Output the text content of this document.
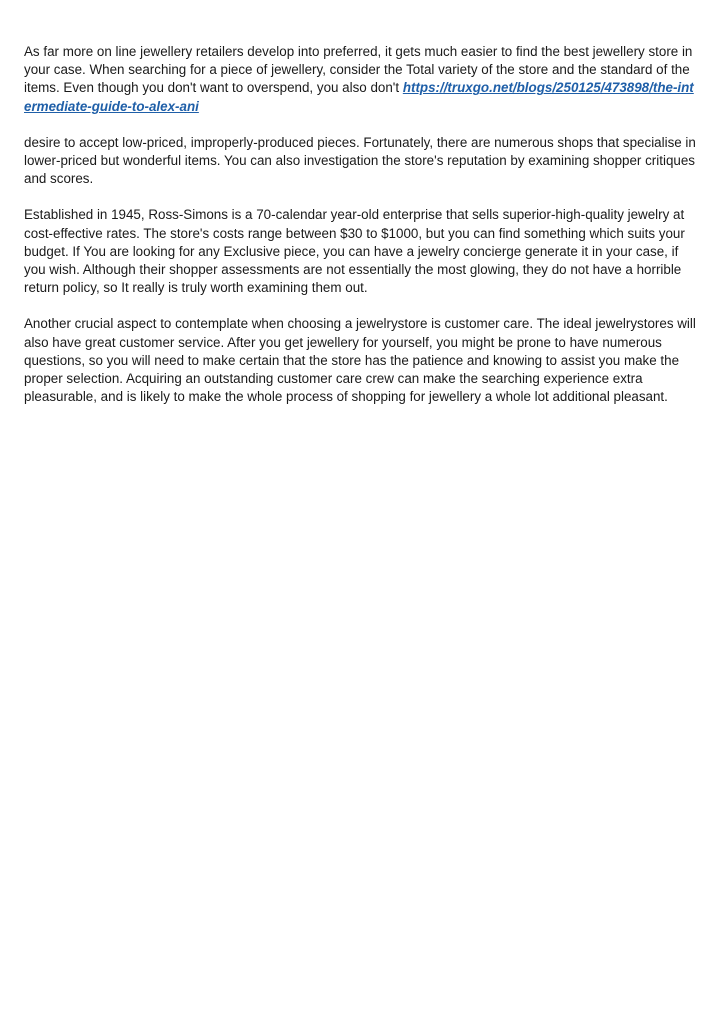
As far more on line jewellery retailers develop into preferred, it gets much easier to find the best jewellery store in your case. When searching for a piece of jewellery, consider the Total variety of the store and the standard of the items. Even though you don't want to overspend, you also don't https://truxgo.net/blogs/250125/473898/the-intermediate-guide-to-alex-ani

desire to accept low-priced, improperly-produced pieces. Fortunately, there are numerous shops that specialise in lower-priced but wonderful items. You can also investigation the store's reputation by examining shopper critiques and scores.

Established in 1945, Ross-Simons is a 70-calendar year-old enterprise that sells superior-high-quality jewelry at cost-effective rates. The store's costs range between $30 to $1000, but you can find something which suits your budget. If You are looking for any Exclusive piece, you can have a jewelry concierge generate it in your case, if you wish. Although their shopper assessments are not essentially the most glowing, they do not have a horrible return policy, so It really is truly worth examining them out.

Another crucial aspect to contemplate when choosing a jewelrystore is customer care. The ideal jewelrystores will also have great customer service. After you get jewellery for yourself, you might be prone to have numerous questions, so you will need to make certain that the store has the patience and knowing to assist you make the proper selection. Acquiring an outstanding customer care crew can make the searching experience extra pleasurable, and is likely to make the whole process of shopping for jewellery a whole lot additional pleasant.
